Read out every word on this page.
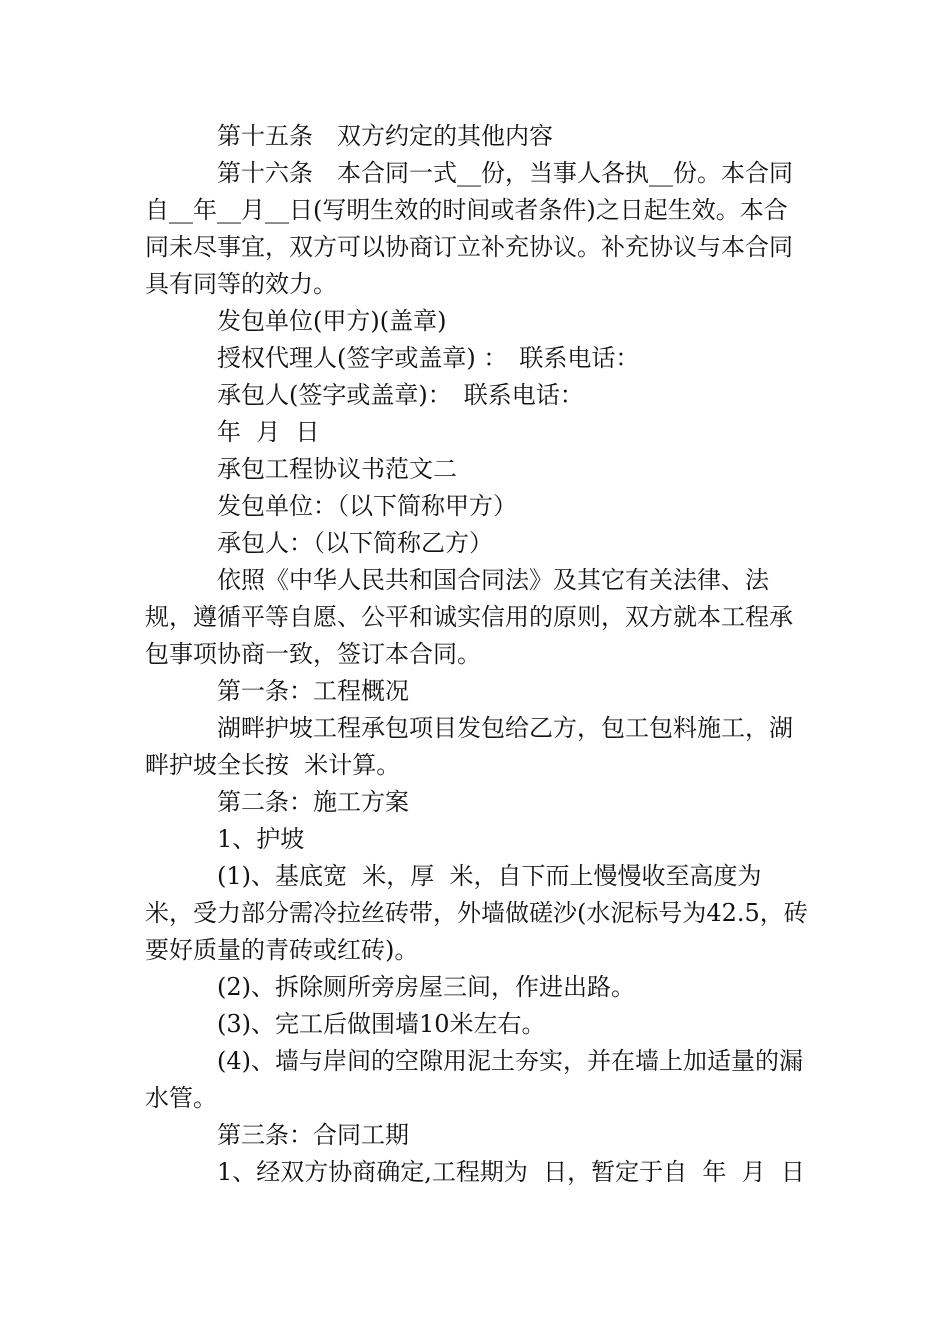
第十五条　双方约定的其他内容

第十六条　本合同一式__份，当事人各执__份。本合同自__年__月__日(写明生效的时间或者条件)之日起生效。本合同未尽事宜，双方可以协商订立补充协议。补充协议与本合同具有同等的效力。

发包单位(甲方)(盖章)

授权代理人(签字或盖章) ：　联系电话：

承包人(签字或盖章)：　联系电话：

年  月  日

承包工程协议书范文二

发包单位：（以下简称甲方）

承包人：（以下简称乙方）

依照《中华人民共和国合同法》及其它有关法律、法规，遵循平等自愿、公平和诚实信用的原则，双方就本工程承包事项协商一致，签订本合同。

第一条：工程概况

湖畔护坡工程承包项目发包给乙方，包工包料施工，湖畔护坡全长按  米计算。

第二条：施工方案

1、护坡

(1)、基底宽  米，厚  米，自下而上慢慢收至高度为  米，受力部分需冷拉丝砖带，外墙做磋沙(水泥标号为42.5，砖要好质量的青砖或红砖)。

(2)、拆除厕所旁房屋三间，作进出路。

(3)、完工后做围墙10米左右。

(4)、墙与岸间的空隙用泥土夯实，并在墙上加适量的漏水管。

第三条：合同工期

1、经双方协商确定,工程期为  日，暂定于自  年  月  日
